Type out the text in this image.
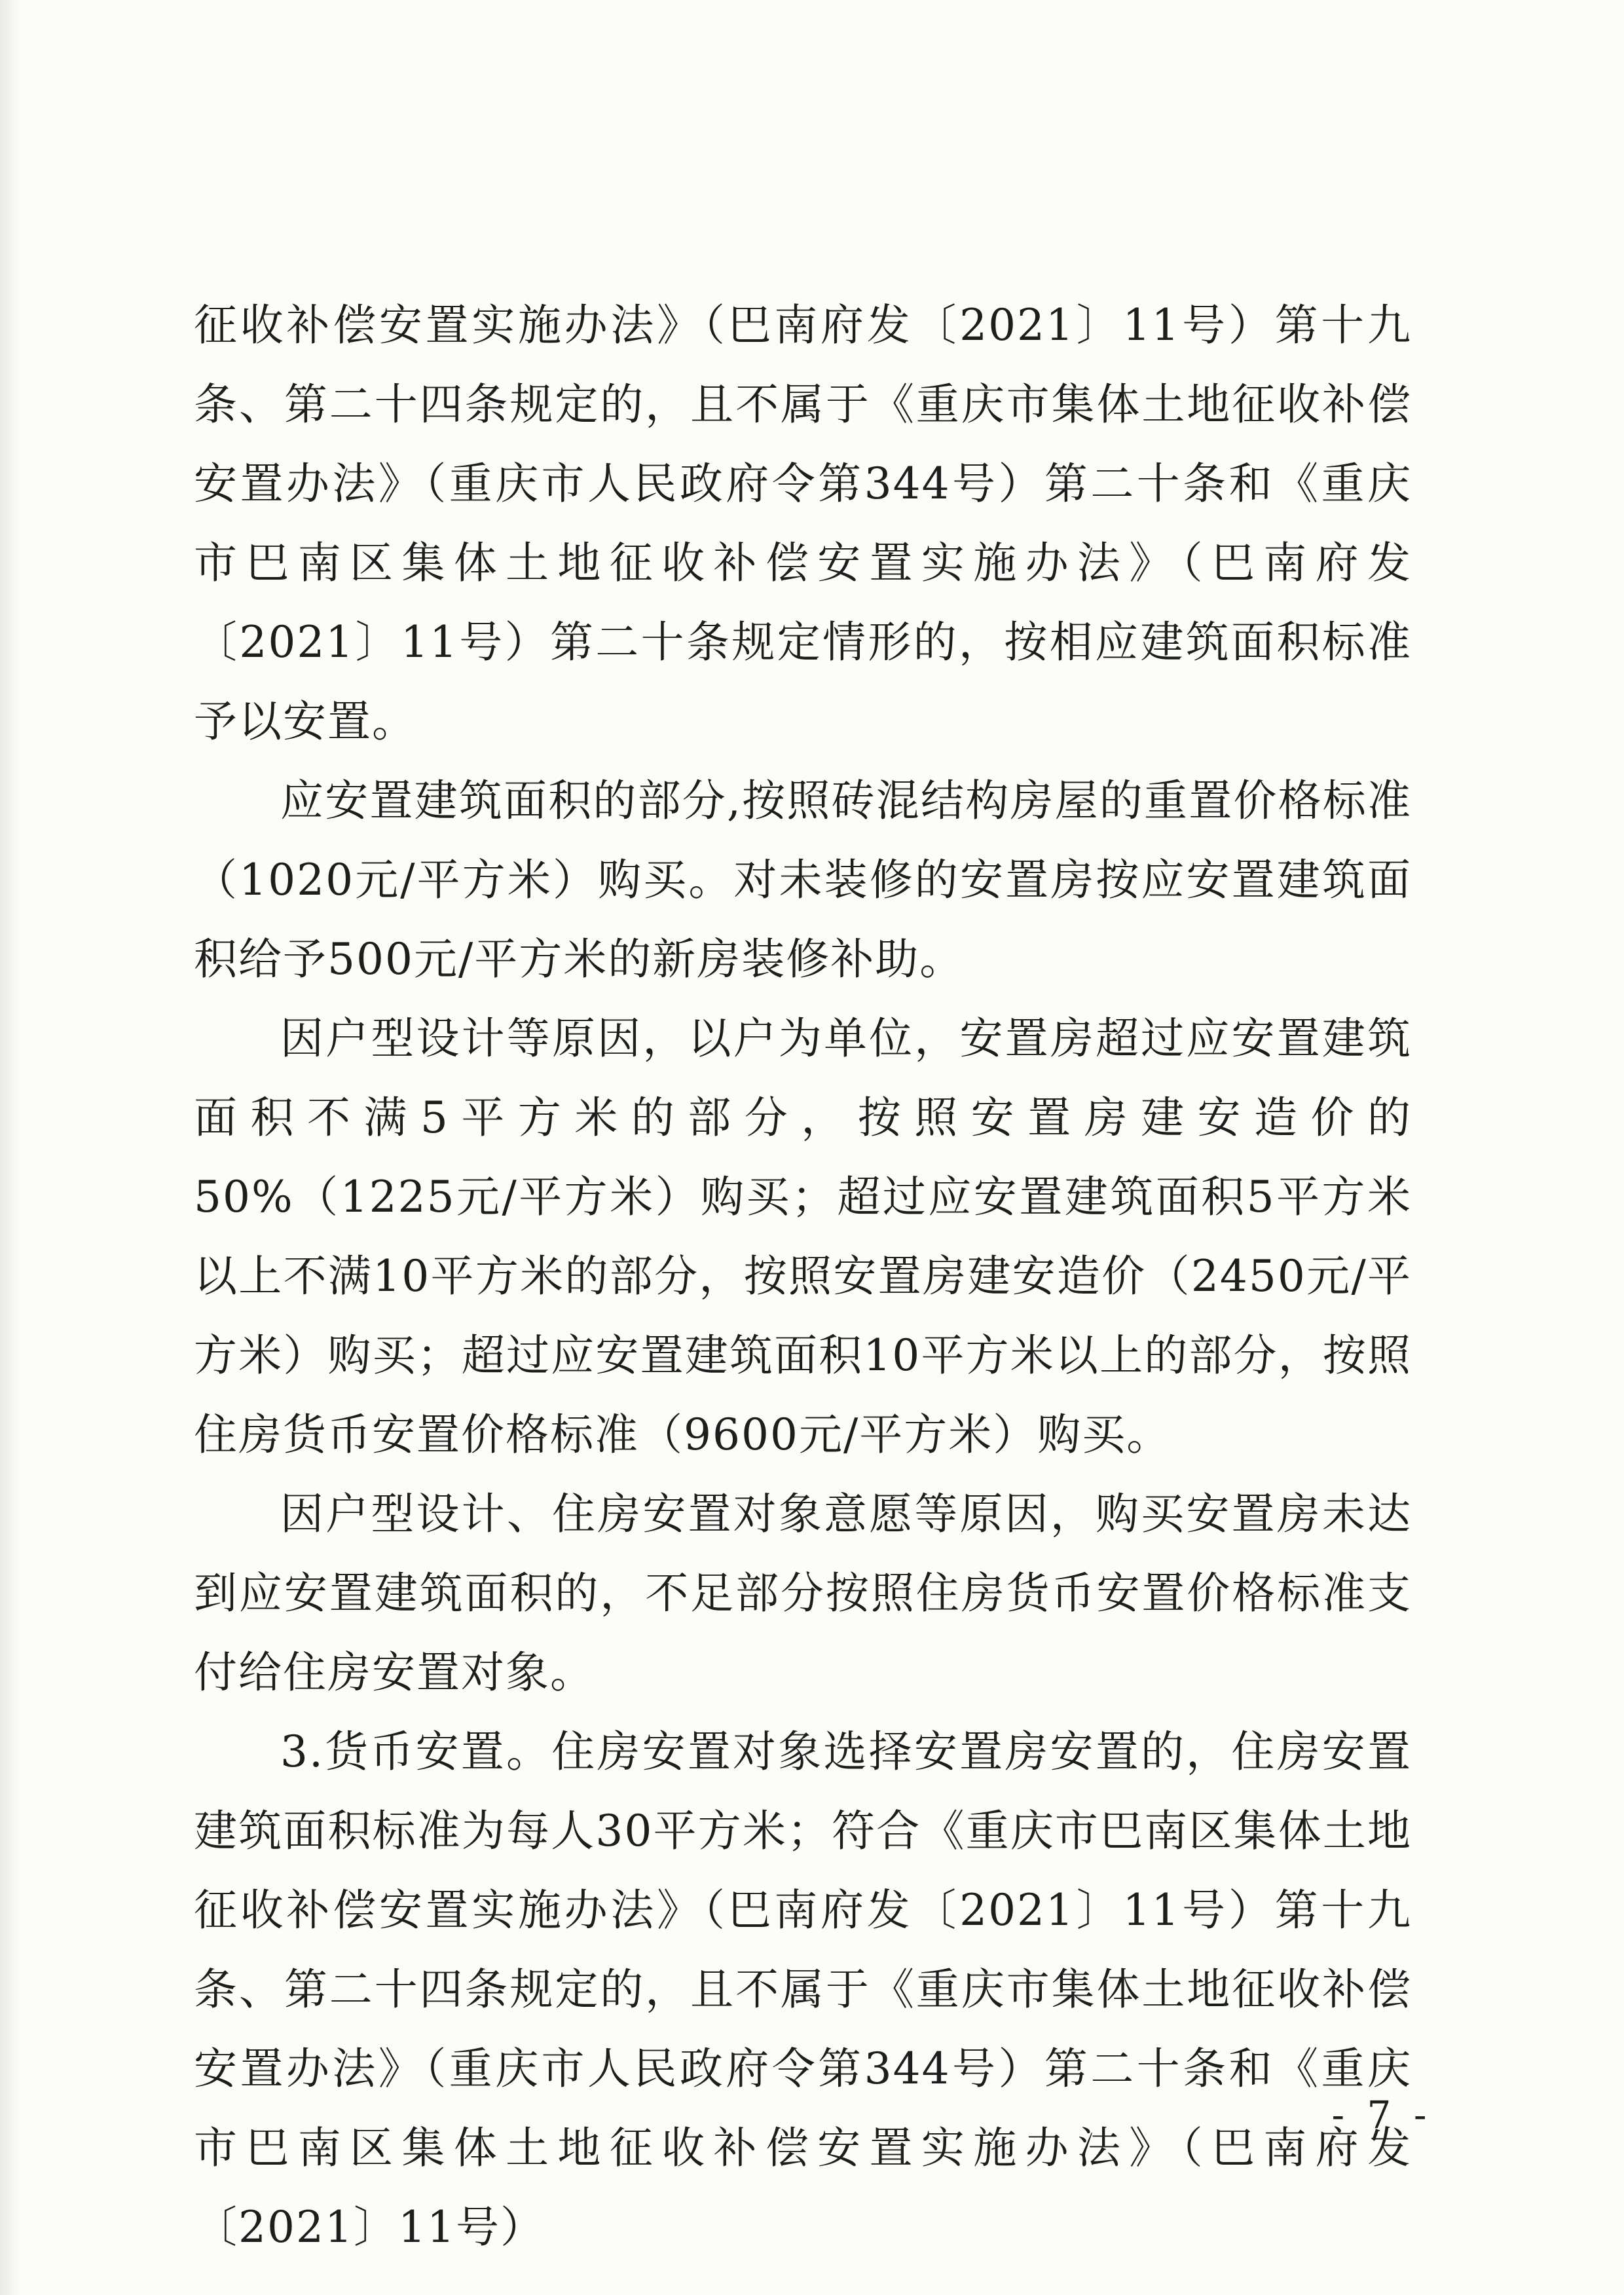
征收补偿安置实施办法》（巴南府发〔2021〕11号）第十九条、第二十四条规定的，且不属于《重庆市集体土地征收补偿安置办法》（重庆市人民政府令第344号）第二十条和《重庆市巴南区集体土地征收补偿安置实施办法》（巴南府发〔2021〕11号）第二十条规定情形的，按相应建筑面积标准予以安置。

应安置建筑面积的部分,按照砖混结构房屋的重置价格标准（1020元/平方米）购买。对未装修的安置房按应安置建筑面积给予500元/平方米的新房装修补助。

因户型设计等原因，以户为单位，安置房超过应安置建筑面积不满5平方米的部分，按照安置房建安造价的50%（1225元/平方米）购买；超过应安置建筑面积5平方米以上不满10平方米的部分，按照安置房建安造价（2450元/平方米）购买；超过应安置建筑面积10平方米以上的部分，按照住房货币安置价格标准（9600元/平方米）购买。

因户型设计、住房安置对象意愿等原因，购买安置房未达到应安置建筑面积的，不足部分按照住房货币安置价格标准支付给住房安置对象。

3.货币安置。住房安置对象选择安置房安置的，住房安置建筑面积标准为每人30平方米；符合《重庆市巴南区集体土地征收补偿安置实施办法》（巴南府发〔2021〕11号）第十九条、第二十四条规定的，且不属于《重庆市集体土地征收补偿安置办法》（重庆市人民政府令第344号）第二十条和《重庆市巴南区集体土地征收补偿安置实施办法》（巴南府发〔2021〕11号）

- 7 -
